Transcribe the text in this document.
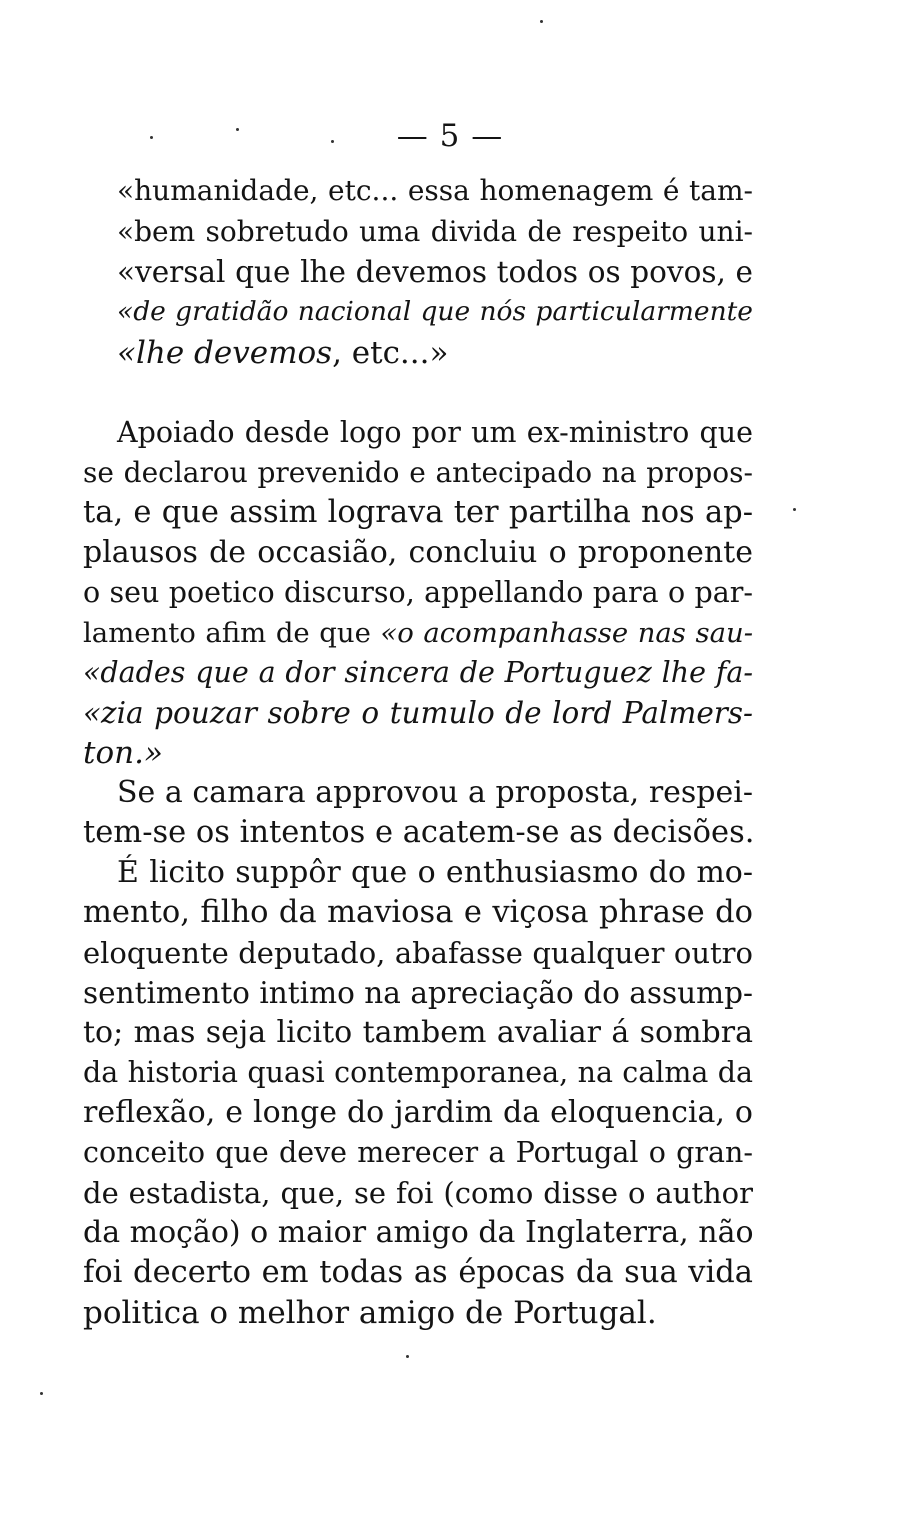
— 5 —
«humanidade, etc... essa homenagem é tam-
«bem sobretudo uma divida de respeito uni-
«versal que lhe devemos todos os povos, e
«de gratidão nacional que nós particularmente
«lhe devemos, etc...»
Apoiado desde logo por um ex-ministro que
se declarou prevenido e antecipado na propos-
ta, e que assim lograva ter partilha nos ap-
plausos de occasião, concluiu o proponente
o seu poetico discurso, appellando para o par-
lamento afim de que «o acompanhasse nas sau-
«dades que a dor sincera de Portuguez lhe fa-
«zia pouzar sobre o tumulo de lord Palmers-
ton.»
Se a camara approvou a proposta, respei-
tem-se os intentos e acatem-se as decisões.
É licito suppôr que o enthusiasmo do mo-
mento, filho da maviosa e viçosa phrase do
eloquente deputado, abafasse qualquer outro
sentimento intimo na apreciação do assump-
to; mas seja licito tambem avaliar á sombra
da historia quasi contemporanea, na calma da
reflexão, e longe do jardim da eloquencia, o
conceito que deve merecer a Portugal o gran-
de estadista, que, se foi (como disse o author
da moção) o maior amigo da Inglaterra, não
foi decerto em todas as épocas da sua vida
politica o melhor amigo de Portugal.
